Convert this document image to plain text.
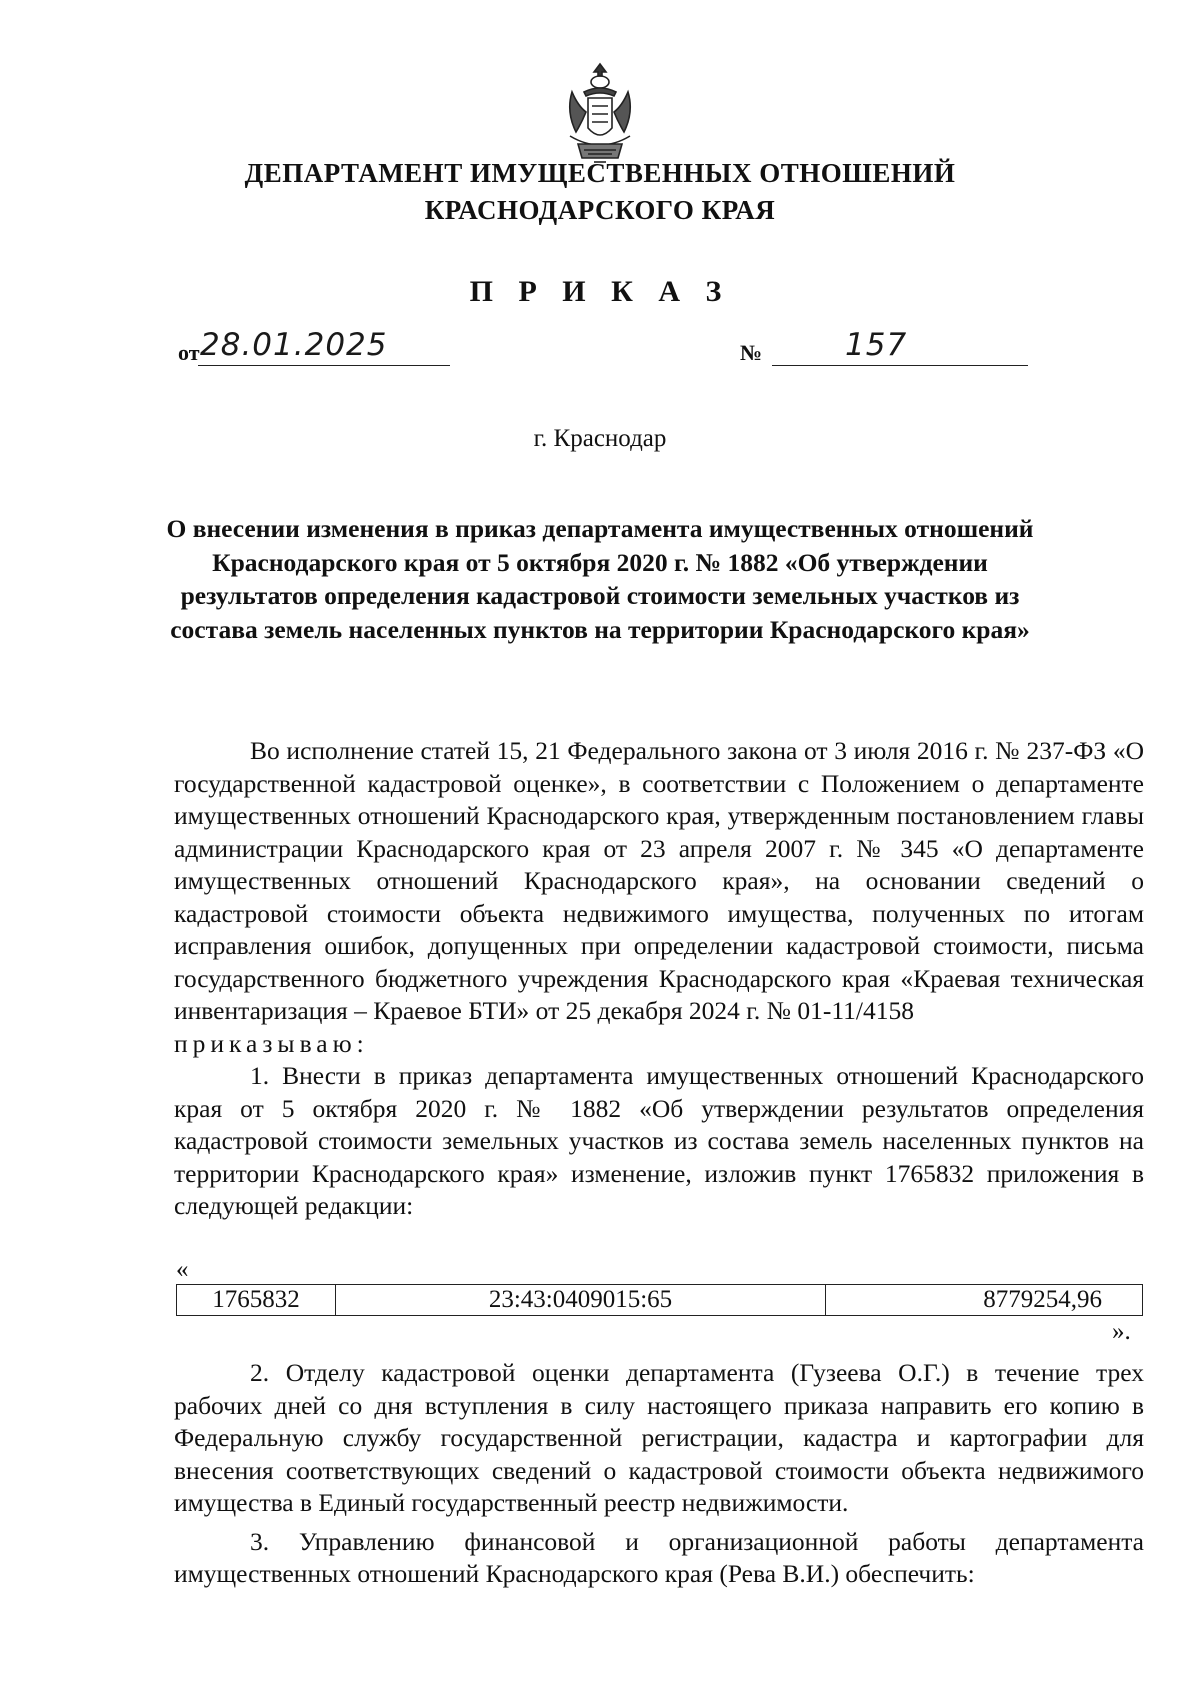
ДЕПАРТАМЕНТ ИМУЩЕСТВЕННЫХ ОТНОШЕНИЙ
КРАСНОДАРСКОГО КРАЯ
П Р И К А З
от 28.01.2025	№	157
г. Краснодар
О внесении изменения в приказ департамента имущественных отношений Краснодарского края от 5 октября 2020 г. № 1882 «Об утверждении результатов определения кадастровой стоимости земельных участков из состава земель населенных пунктов на территории Краснодарского края»

Во исполнение статей 15, 21 Федерального закона от 3 июля 2016 г. № 237-ФЗ «О государственной кадастровой оценке», в соответствии с Положением о департаменте имущественных отношений Краснодарского края, утвержденным постановлением главы администрации Краснодарского края от 23 апреля 2007 г. № 345 «О департаменте имущественных отношений Краснодарского края», на основании сведений о кадастровой стоимости объекта недвижимого имущества, полученных по итогам исправления ошибок, допущенных при определении кадастровой стоимости, письма государственного бюджетного учреждения Краснодарского края «Краевая техническая инвентаризация – Краевое БТИ» от 25 декабря 2024 г. № 01-11/4158

приказываю:

1. Внести в приказ департамента имущественных отношений Краснодарского края от 5 октября 2020 г. № 1882 «Об утверждении результатов определения кадастровой стоимости земельных участков из состава земель населенных пунктов на территории Краснодарского края» изменение, изложив пункт 1765832 приложения в следующей редакции:

«
1765832	23:43:0409015:65	8779254,96
».

2. Отделу кадастровой оценки департамента (Гузеева О.Г.) в течение трех рабочих дней со дня вступления в силу настоящего приказа направить его копию в Федеральную службу государственной регистрации, кадастра и картографии для внесения соответствующих сведений о кадастровой стоимости объекта недвижимого имущества в Единый государственный реестр недвижимости.

3. Управлению финансовой и организационной работы департамента имущественных отношений Краснодарского края (Рева В.И.) обеспечить:
